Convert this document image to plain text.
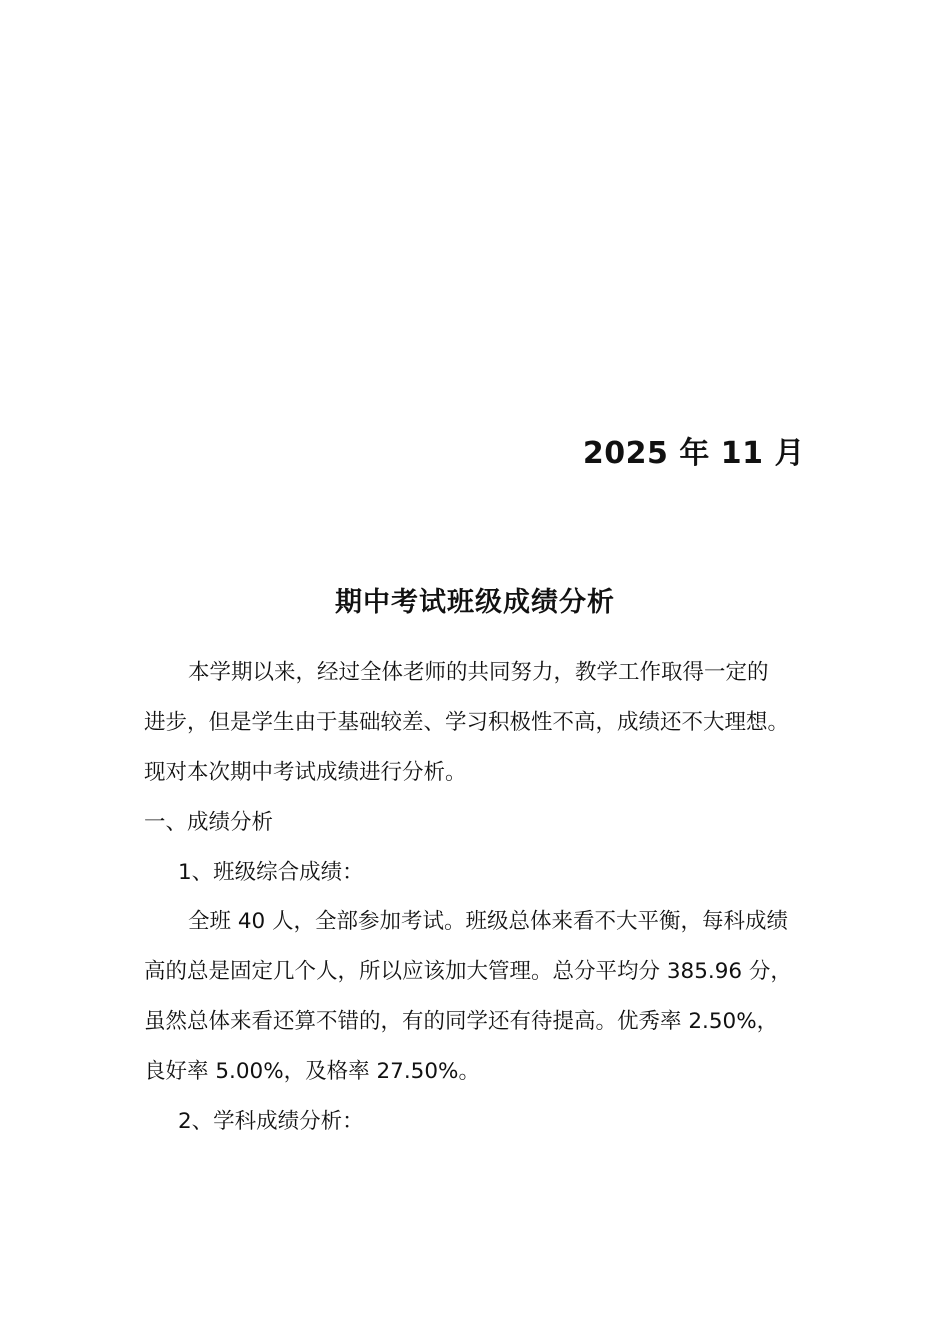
2025 年 11 月
期中考试班级成绩分析
本学期以来，经过全体老师的共同努力，教学工作取得一定的
进步，但是学生由于基础较差、学习积极性不高，成绩还不大理想。
现对本次期中考试成绩进行分析。
一、成绩分析
1、班级综合成绩：
全班 40 人，全部参加考试。班级总体来看不大平衡，每科成绩
高的总是固定几个人，所以应该加大管理。总分平均分 385.96 分，
虽然总体来看还算不错的，有的同学还有待提高。优秀率 2.50%，
良好率 5.00%，及格率 27.50%。
2、学科成绩分析：
